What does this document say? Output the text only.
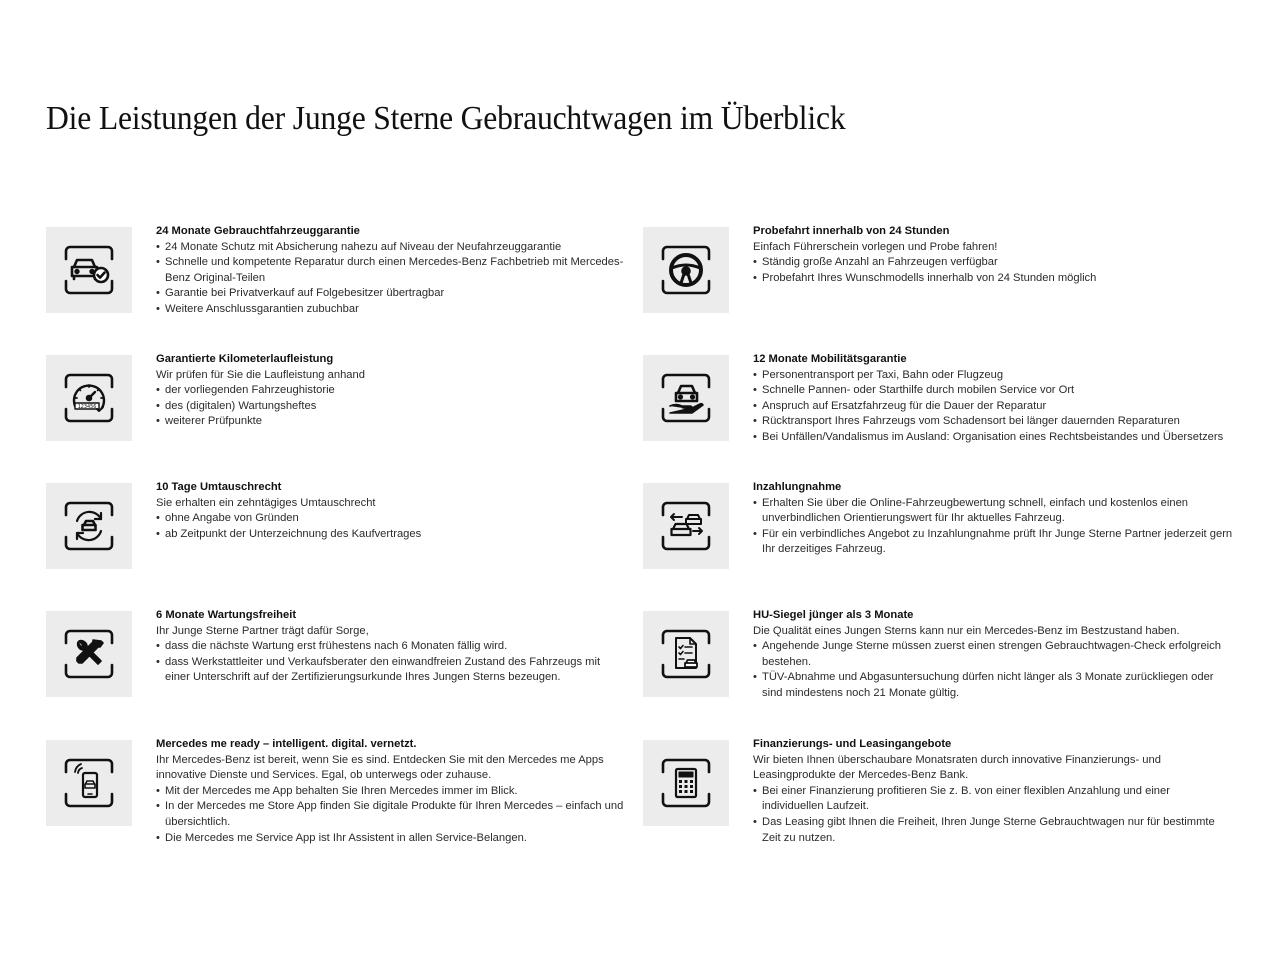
Die Leistungen der Junge Sterne Gebrauchtwagen im Überblick
24 Monate Gebrauchtfahrzeuggarantie
• 24 Monate Schutz mit Absicherung nahezu auf Niveau der Neufahrzeuggarantie
• Schnelle und kompetente Reparatur durch einen Mercedes-Benz Fachbetrieb mit Mercedes-Benz Original-Teilen
• Garantie bei Privatverkauf auf Folgebesitzer übertragbar
• Weitere Anschlussgarantien zubuchbar
Probefahrt innerhalb von 24 Stunden

Einfach Führerschein vorlegen und Probe fahren!

• Ständig große Anzahl an Fahrzeugen verfügbar
• Probefahrt Ihres Wunschmodells innerhalb von 24 Stunden möglich
123456
Garantierte Kilometerlaufleistung

Wir prüfen für Sie die Laufleistung anhand

• der vorliegenden Fahrzeughistorie
• des (digitalen) Wartungsheftes
• weiterer Prüfpunkte
12 Monate Mobilitätsgarantie
• Personentransport per Taxi, Bahn oder Flugzeug
• Schnelle Pannen- oder Starthilfe durch mobilen Service vor Ort
• Anspruch auf Ersatzfahrzeug für die Dauer der Reparatur
• Rücktransport Ihres Fahrzeugs vom Schadensort bei länger dauernden Reparaturen
• Bei Unfällen/Vandalismus im Ausland: Organisation eines Rechtsbeistandes und Übersetzers
10 Tage Umtauschrecht

Sie erhalten ein zehntägiges Umtauschrecht

• ohne Angabe von Gründen
• ab Zeitpunkt der Unterzeichnung des Kaufvertrages
Inzahlungnahme
• Erhalten Sie über die Online-Fahrzeugbewertung schnell, einfach und kostenlos einen unverbindlichen Orientierungswert für Ihr aktuelles Fahrzeug.
• Für ein verbindliches Angebot zu Inzahlungnahme prüft Ihr Junge Sterne Partner jederzeit gern Ihr derzeitiges Fahrzeug.
6 Monate Wartungsfreiheit

Ihr Junge Sterne Partner trägt dafür Sorge,

• dass die nächste Wartung erst frühestens nach 6 Monaten fällig wird.
• dass Werkstattleiter und Verkaufsberater den einwandfreien Zustand des Fahrzeugs mit einer Unterschrift auf der Zertifizierungsurkunde Ihres Jungen Sterns bezeugen.
HU-Siegel jünger als 3 Monate

Die Qualität eines Jungen Sterns kann nur ein Mercedes-Benz im Bestzustand haben.

• Angehende Junge Sterne müssen zuerst einen strengen Gebrauchtwagen-Check erfolgreich bestehen.
• TÜV-Abnahme und Abgasuntersuchung dürfen nicht länger als 3 Monate zurückliegen oder sind mindestens noch 21 Monate gültig.
Mercedes me ready – intelligent. digital. vernetzt.

Ihr Mercedes-Benz ist bereit, wenn Sie es sind. Entdecken Sie mit den Mercedes me Apps innovative Dienste und Services. Egal, ob unterwegs oder zuhause.

• Mit der Mercedes me App behalten Sie Ihren Mercedes immer im Blick.
• In der Mercedes me Store App finden Sie digitale Produkte für Ihren Mercedes – einfach und übersichtlich.
• Die Mercedes me Service App ist Ihr Assistent in allen Service-Belangen.
Finanzierungs- und Leasingangebote

Wir bieten Ihnen überschaubare Monatsraten durch innovative Finanzierungs- und Leasingprodukte der Mercedes-Benz Bank.

• Bei einer Finanzierung profitieren Sie z. B. von einer flexiblen Anzahlung und einer individuellen Laufzeit.
• Das Leasing gibt Ihnen die Freiheit, Ihren Junge Sterne Gebrauchtwagen nur für bestimmte Zeit zu nutzen.
